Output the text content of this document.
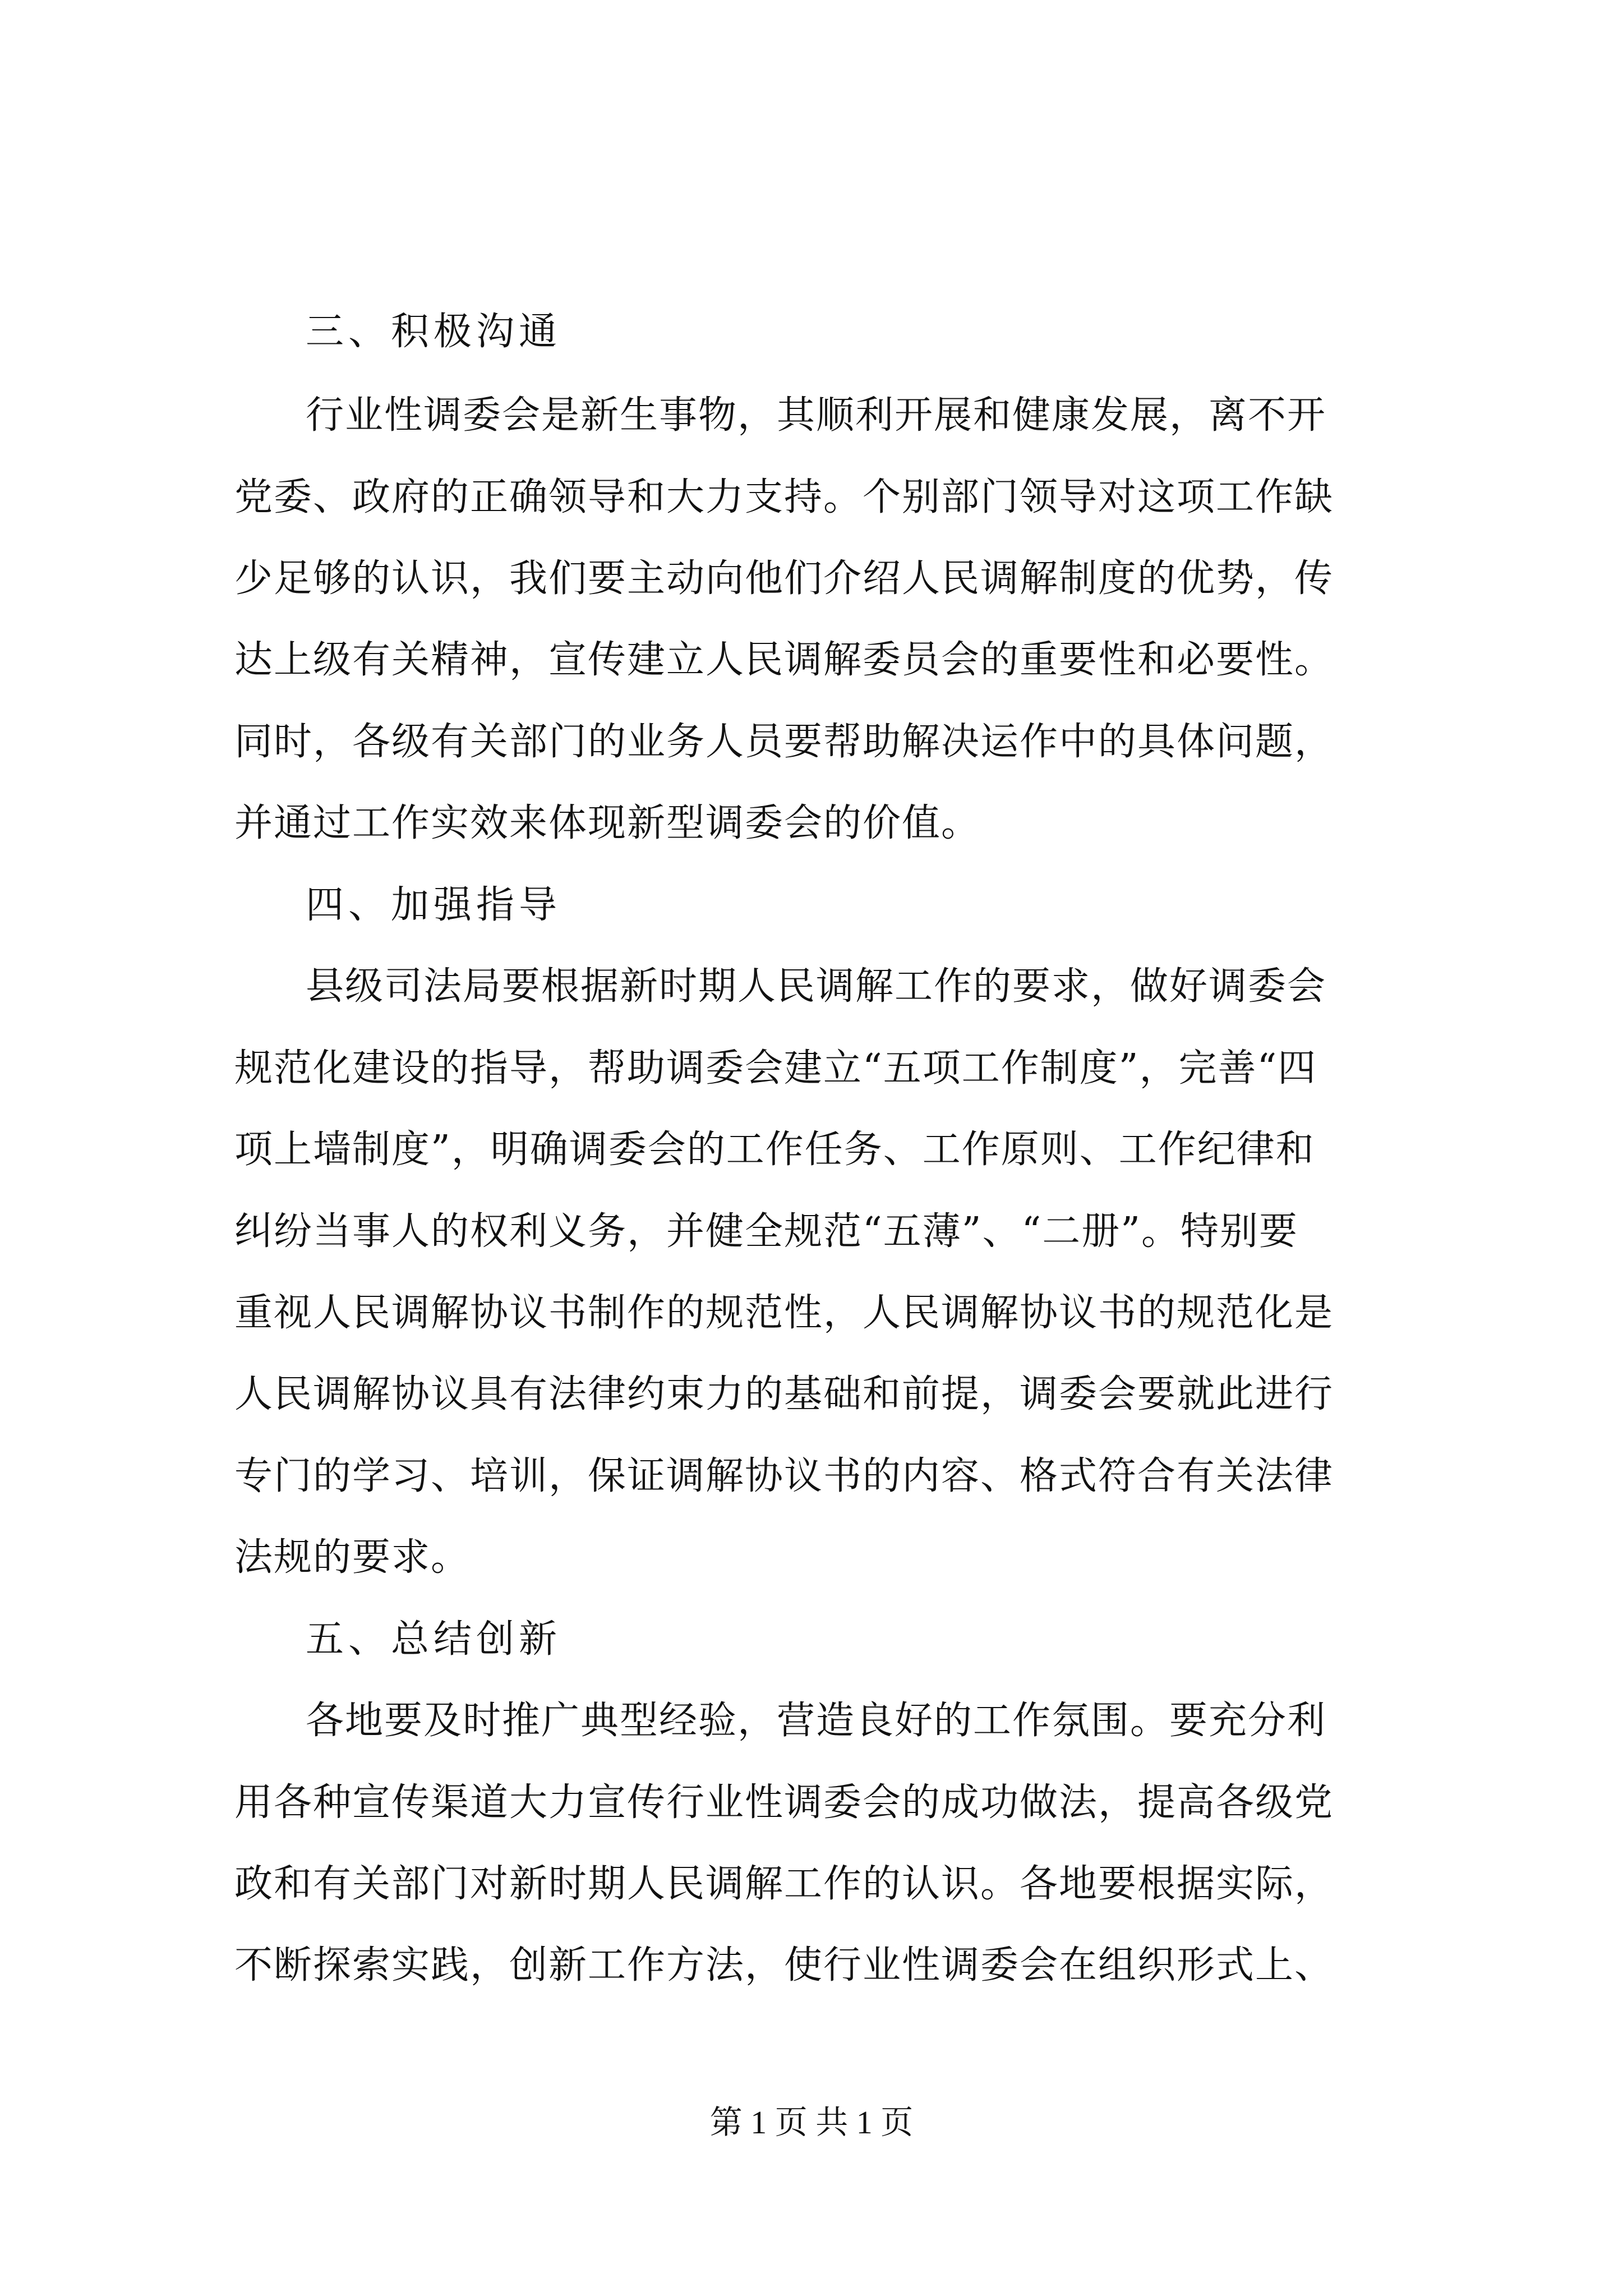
三、积极沟通

行业性调委会是新生事物，其顺利开展和健康发展，离不开

党委、政府的正确领导和大力支持。个别部门领导对这项工作缺

少足够的认识，我们要主动向他们介绍人民调解制度的优势，传

达上级有关精神，宣传建立人民调解委员会的重要性和必要性。

同时，各级有关部门的业务人员要帮助解决运作中的具体问题，

并通过工作实效来体现新型调委会的价值。

四、加强指导

县级司法局要根据新时期人民调解工作的要求，做好调委会

规范化建设的指导，帮助调委会建立“五项工作制度”，完善“四

项上墙制度”，明确调委会的工作任务、工作原则、工作纪律和

纠纷当事人的权利义务，并健全规范“五薄”、“二册”。特别要

重视人民调解协议书制作的规范性，人民调解协议书的规范化是

人民调解协议具有法律约束力的基础和前提，调委会要就此进行

专门的学习、培训，保证调解协议书的内容、格式符合有关法律

法规的要求。

五、总结创新

各地要及时推广典型经验，营造良好的工作氛围。要充分利

用各种宣传渠道大力宣传行业性调委会的成功做法，提高各级党

政和有关部门对新时期人民调解工作的认识。各地要根据实际，

不断探索实践，创新工作方法，使行业性调委会在组织形式上、

第 1 页 共 1 页
